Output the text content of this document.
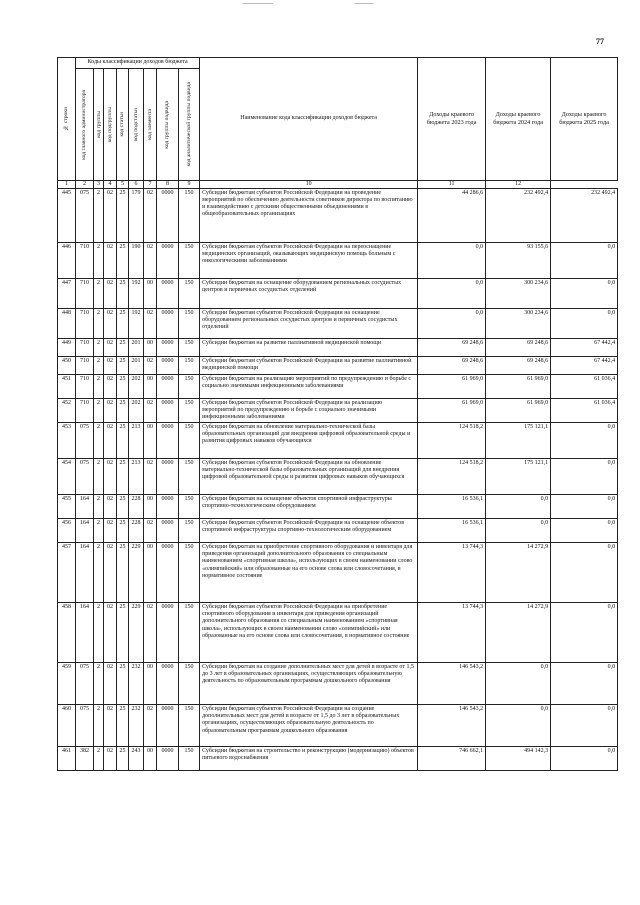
77
№ строки	Коды классификации доходов бюджета								Наименование кода классификации доходов бюджета	Доходы краевого бюджета 2023 года	Доходы краевого бюджета 2024 года	Доходы краевого бюджета 2025 года

	код главного администратора	код группы	код подгруппы	код статьи	код подстатьи	код элемента	код группы подвида	код аналитической группы подвида				

1	2	3	4	5	6	7	8	9	10	11	12	
445	075	2	02	25	179	02	0000	150	Субсидии бюджетам субъектов Российской Федерации на проведение мероприятий по обеспечению деятельности советников директора по воспитанию и взаимодействию с детскими общественными объединениями в общеобразовательных организациях	44 286,6	232 492,4	232 492,4
446	710	2	02	25	190	02	0000	150	Субсидии бюджетам субъектов Российской Федерации на переоснащение медицинских организаций, оказывающих медицинскую помощь больным с онкологическими заболеваниями	0,0	93 155,6	0,0
447	710	2	02	25	192	00	0000	150	Субсидии бюджетам на оснащение оборудованием региональных сосудистых центров и первичных сосудистых отделений	0,0	300 234,6	0,0
448	710	2	02	25	192	02	0000	150	Субсидии бюджетам субъектов Российской Федерации на оснащение оборудованием региональных сосудистых центров и первичных сосудистых отделений	0,0	300 234,6	0,0
449	710	2	02	25	201	00	0000	150	Субсидии бюджетам на развитие паллиативной медицинской помощи	69 248,6	69 248,6	67 442,4
450	710	2	02	25	201	02	0000	150	Субсидии бюджетам субъектов Российской Федерации на развитие паллиативной медицинской помощи	69 248,6	69 248,6	67 442,4
451	710	2	02	25	202	00	0000	150	Субсидии бюджетам на реализацию мероприятий по предупреждению и борьбе с социально значимыми инфекционными заболеваниями	61 969,0	61 969,0	61 036,4
452	710	2	02	25	202	02	0000	150	Субсидии бюджетам субъектов Российской Федерации на реализацию мероприятий по предупреждению и борьбе с социально значимыми инфекционными заболеваниями	61 969,0	61 969,0	61 036,4
453	075	2	02	25	213	00	0000	150	Субсидии бюджетам на обновление материально-технической базы образовательных организаций для внедрения цифровой образовательной среды и развития цифровых навыков обучающихся	124 518,2	175 121,1	0,0
454	075	2	02	25	213	02	0000	150	Субсидии бюджетам субъектов Российской Федерации на обновление материально-технической базы образовательных организаций для внедрения цифровой образовательной среды и развития цифровых навыков обучающихся	124 518,2	175 121,1	0,0
455	164	2	02	25	228	00	0000	150	Субсидии бюджетам на оснащение объектов спортивной инфраструктуры спортивно-технологическим оборудованием	16 536,1	0,0	0,0
456	164	2	02	25	228	02	0000	150	Субсидии бюджетам субъектов Российской Федерации на оснащение объектов спортивной инфраструктуры спортивно-технологическим оборудованием	16 536,1	0,0	0,0
457	164	2	02	25	229	00	0000	150	Субсидии бюджетам на приобретение спортивного оборудования и инвентаря для приведения организаций дополнительного образования со специальным наименованием «спортивная школа», использующих в своем наименовании слово «олимпийский» или образованные на его основе слова или словосочетания, в нормативное состояние	13 744,3	14 272,9	0,0
458	164	2	02	25	229	02	0000	150	Субсидии бюджетам субъектов Российской Федерации на приобретение спортивного оборудования и инвентаря для приведения организаций дополнительного образования со специальным наименованием «спортивная школа», использующих в своем наименовании слово «олимпийский» или образованные на его основе слова или словосочетания, в нормативное состояние	13 744,3	14 272,9	0,0
459	075	2	02	25	232	00	0000	150	Субсидии бюджетам на создание дополнительных мест для детей в возрасте от 1,5 до 3 лет в образовательных организациях, осуществляющих образовательную деятельность по образовательным программам дошкольного образования	146 543,2	0,0	0,0
460	075	2	02	25	232	02	0000	150	Субсидии бюджетам субъектов Российской Федерации на создание дополнительных мест для детей в возрасте от 1,5 до 3 лет в образовательных организациях, осуществляющих образовательную деятельность по образовательным программам дошкольного образования	146 543,2	0,0	0,0
461	382	2	02	25	243	00	0000	150	Субсидии бюджетам на строительство и реконструкцию (модернизацию) объектов питьевого водоснабжения	746 662,1	494 142,3	0,0
